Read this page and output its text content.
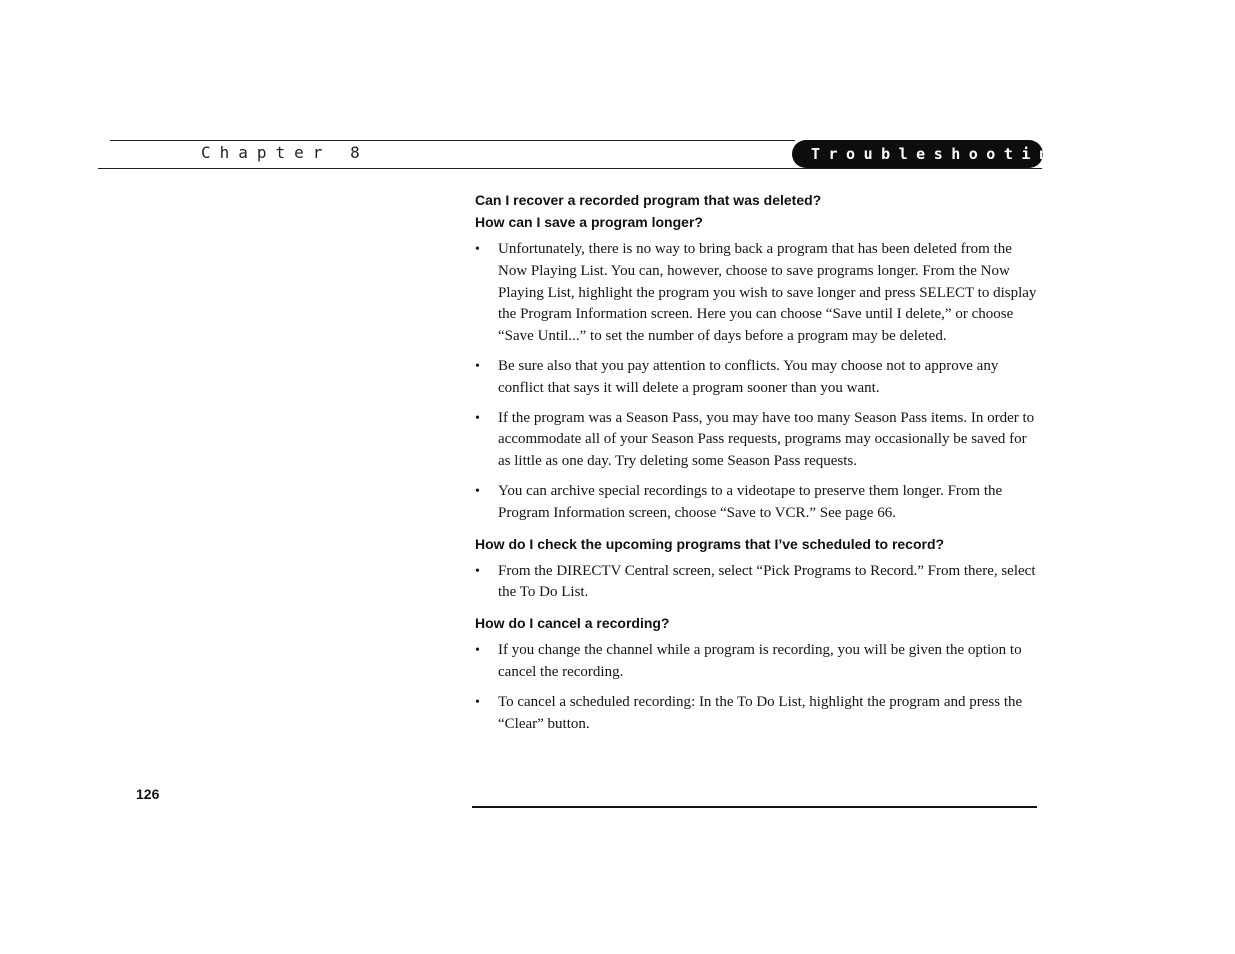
Chapter 8	Troubleshooting

Can I recover a recorded program that was deleted?

How can I save a program longer?

• Unfortunately, there is no way to bring back a program that has been deleted from the Now Playing List. You can, however, choose to save programs longer. From the Now Playing List, highlight the program you wish to save longer and press SELECT to display the Program Information screen. Here you can choose “Save until I delete,” or choose “Save Until...” to set the number of days before a program may be deleted.
• Be sure also that you pay attention to conflicts. You may choose not to approve any conflict that says it will delete a program sooner than you want.
• If the program was a Season Pass, you may have too many Season Pass items. In order to accommodate all of your Season Pass requests, programs may occasionally be saved for as little as one day. Try deleting some Season Pass requests.
• You can archive special recordings to a videotape to preserve them longer. From the Program Information screen, choose “Save to VCR.” See page 66.

How do I check the upcoming programs that I’ve scheduled to record?

• From the DIRECTV Central screen, select “Pick Programs to Record.” From there, select the To Do List.

How do I cancel a recording?

• If you change the channel while a program is recording, you will be given the option to cancel the recording.
• To cancel a scheduled recording: In the To Do List, highlight the program and press the “Clear” button.
126
